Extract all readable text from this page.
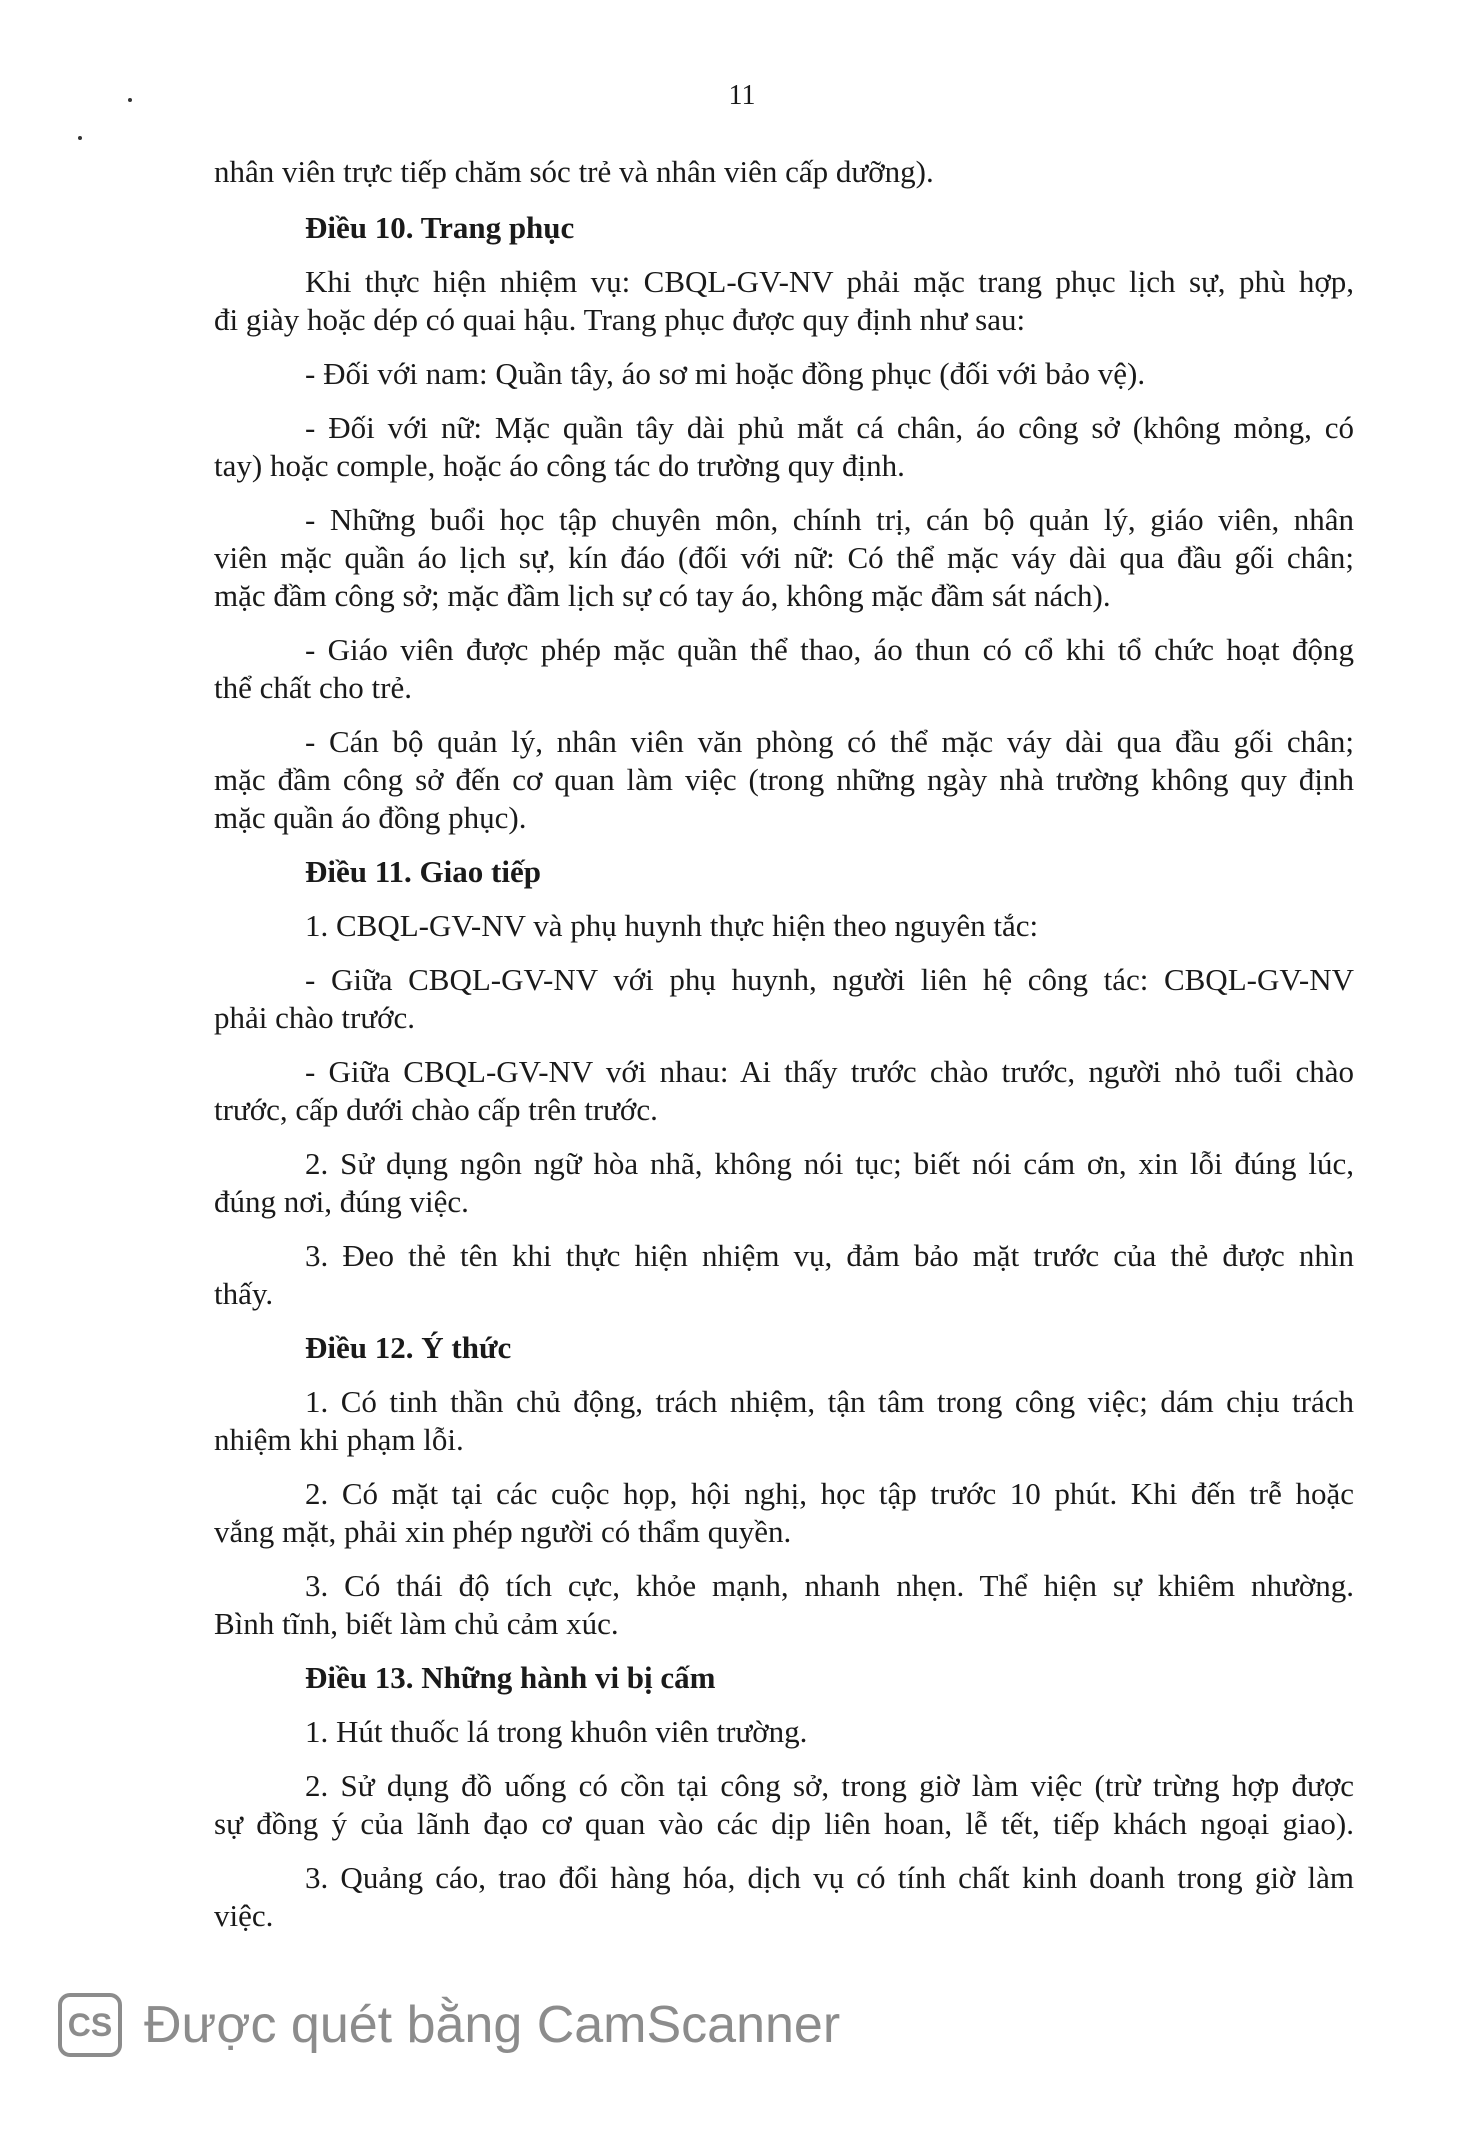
11
nhân viên trực tiếp chăm sóc trẻ và nhân viên cấp dưỡng).
Điều 10. Trang phục
Khi thực hiện nhiệm vụ: CBQL-GV-NV phải mặc trang phục lịch sự, phù hợp,
đi giày hoặc dép có quai hậu. Trang phục được quy định như sau:
- Đối với nam: Quần tây, áo sơ mi hoặc đồng phục (đối với bảo vệ).
- Đối với nữ: Mặc quần tây dài phủ mắt cá chân, áo công sở (không mỏng, có
tay) hoặc comple, hoặc áo công tác do trường quy định.
- Những buổi học tập chuyên môn, chính trị, cán bộ quản lý, giáo viên, nhân
viên mặc quần áo lịch sự, kín đáo (đối với nữ: Có thể mặc váy dài qua đầu gối chân;
mặc đầm công sở; mặc đầm lịch sự có tay áo, không mặc đầm sát nách).
- Giáo viên được phép mặc quần thể thao, áo thun có cổ khi tổ chức hoạt động
thể chất cho trẻ.
- Cán bộ quản lý, nhân viên văn phòng có thể mặc váy dài qua đầu gối chân;
mặc đầm công sở đến cơ quan làm việc (trong những ngày nhà trường không quy định
mặc quần áo đồng phục).
Điều 11. Giao tiếp
1. CBQL-GV-NV và phụ huynh thực hiện theo nguyên tắc:
- Giữa CBQL-GV-NV với phụ huynh, người liên hệ công tác: CBQL-GV-NV
phải chào trước.
- Giữa CBQL-GV-NV với nhau: Ai thấy trước chào trước, người nhỏ tuổi chào
trước, cấp dưới chào cấp trên trước.
2. Sử dụng ngôn ngữ hòa nhã, không nói tục; biết nói cám ơn, xin lỗi đúng lúc,
đúng nơi, đúng việc.
3. Đeo thẻ tên khi thực hiện nhiệm vụ, đảm bảo mặt trước của thẻ được nhìn
thấy.
Điều 12. Ý thức
1. Có tinh thần chủ động, trách nhiệm, tận tâm trong công việc; dám chịu trách
nhiệm khi phạm lỗi.
2. Có mặt tại các cuộc họp, hội nghị, học tập trước 10 phút. Khi đến trễ hoặc
vắng mặt, phải xin phép người có thẩm quyền.
3. Có thái độ tích cực, khỏe mạnh, nhanh nhẹn. Thể hiện sự khiêm nhường.
Bình tĩnh, biết làm chủ cảm xúc.
Điều 13. Những hành vi bị cấm
1. Hút thuốc lá trong khuôn viên trường.
2. Sử dụng đồ uống có cồn tại công sở, trong giờ làm việc (trừ trừng hợp được
sự đồng ý của lãnh đạo cơ quan vào các dịp liên hoan, lễ tết, tiếp khách ngoại giao).
3. Quảng cáo, trao đổi hàng hóa, dịch vụ có tính chất kinh doanh trong giờ làm
việc.
CS Được quét bằng CamScanner
